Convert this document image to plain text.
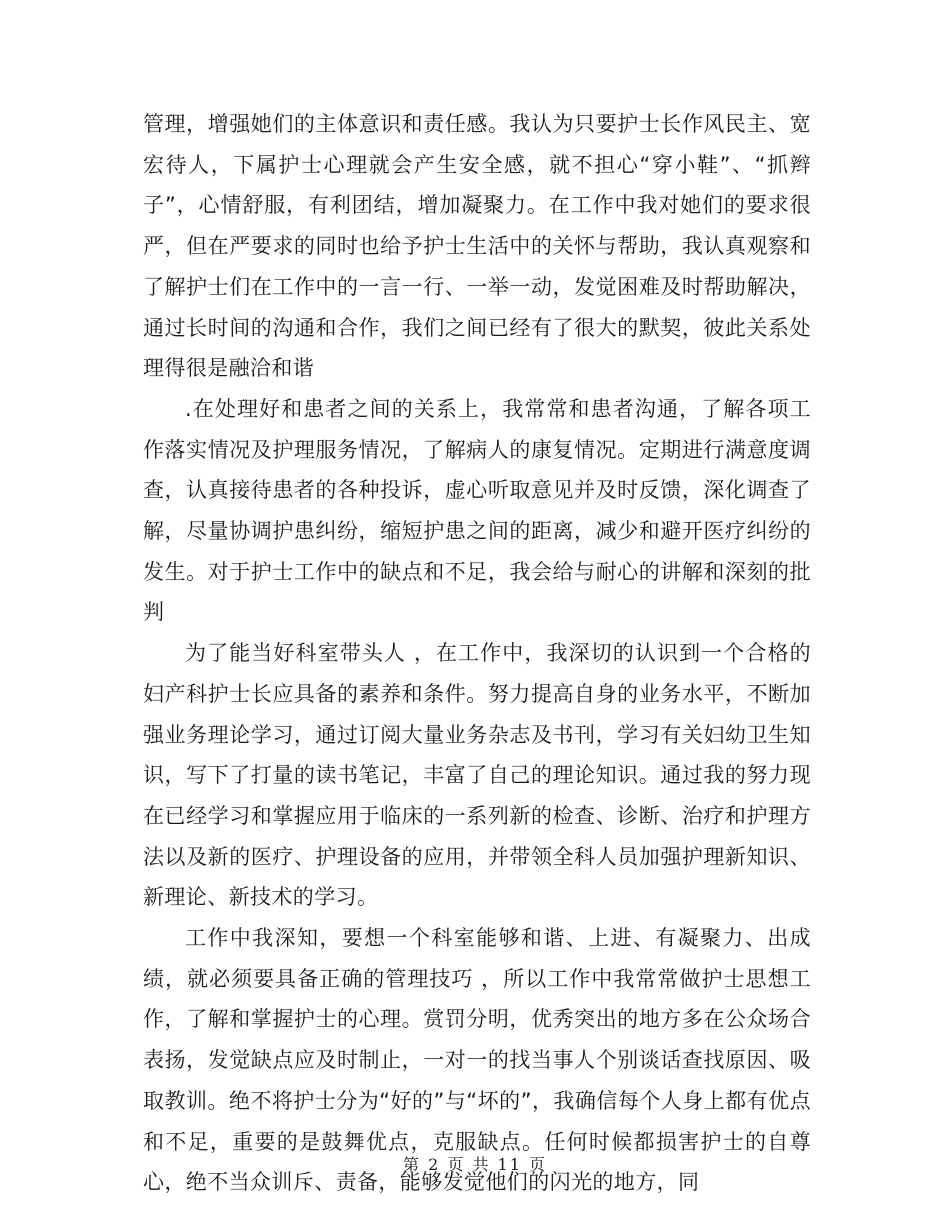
管理，增强她们的主体意识和责任感。我认为只要护士长作风民主、宽宏待人，下属护士心理就会产生安全感，就不担心“穿小鞋”、“抓辫子”，心情舒服，有利团结，增加凝聚力。在工作中我对她们的要求很严，但在严要求的同时也给予护士生活中的关怀与帮助，我认真观察和了解护士们在工作中的一言一行、一举一动，发觉困难及时帮助解决，通过长时间的沟通和合作，我们之间已经有了很大的默契，彼此关系处理得很是融洽和谐

.在处理好和患者之间的关系上，我常常和患者沟通，了解各项工作落实情况及护理服务情况，了解病人的康复情况。定期进行满意度调查，认真接待患者的各种投诉，虚心听取意见并及时反馈，深化调查了解，尽量协调护患纠纷，缩短护患之间的距离，减少和避开医疗纠纷的发生。对于护士工作中的缺点和不足，我会给与耐心的讲解和深刻的批判

为了能当好科室带头人 ，在工作中，我深切的认识到一个合格的妇产科护士长应具备的素养和条件。努力提高自身的业务水平，不断加强业务理论学习，通过订阅大量业务杂志及书刊，学习有关妇幼卫生知识，写下了打量的读书笔记，丰富了自己的理论知识。通过我的努力现在已经学习和掌握应用于临床的一系列新的检查、诊断、治疗和护理方法以及新的医疗、护理设备的应用，并带领全科人员加强护理新知识、新理论、新技术的学习。

工作中我深知，要想一个科室能够和谐、上进、有凝聚力、出成绩，就必须要具备正确的管理技巧 ，所以工作中我常常做护士思想工作，了解和掌握护士的心理。赏罚分明，优秀突出的地方多在公众场合表扬，发觉缺点应及时制止，一对一的找当事人个别谈话查找原因、吸取教训。绝不将护士分为“好的”与“坏的”，我确信每个人身上都有优点和不足，重要的是鼓舞优点，克服缺点。任何时候都损害护士的自尊心，绝不当众训斥、责备，能够发觉他们的闪光的地方，同

第 2 页 共 11 页
